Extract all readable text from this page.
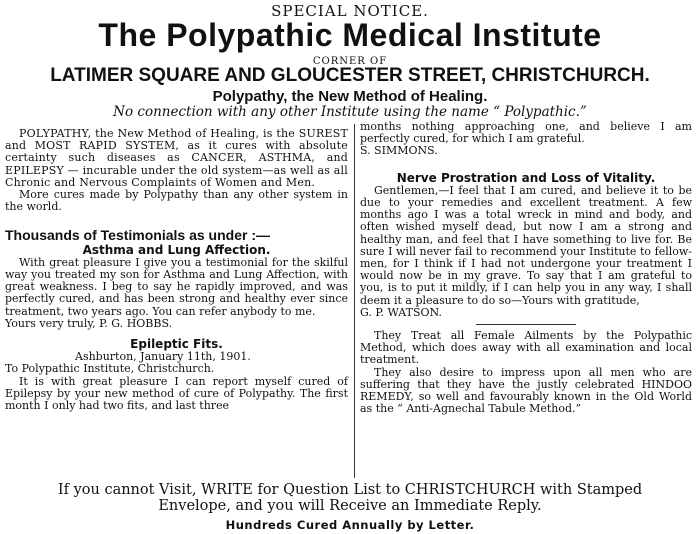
SPECIAL NOTICE.
The Polypathic Medical Institute
CORNER OF
LATIMER SQUARE AND GLOUCESTER STREET, CHRISTCHURCH.
Polypathy, the New Method of Healing.
No connection with any other Institute using the name “ Polypathic.”

POLYPATHY, the New Method of Healing, is the SUREST and MOST RAPID SYSTEM, as it cures with absolute certainty such diseases as CANCER, ASTHMA, and EPILEPSY — incurable under the old system—as well as all Chronic and Nervous Complaints of Women and Men.

More cures made by Polypathy than any other system in the world.

Thousands of Testimonials as under :—
Asthma and Lung Affection.

With great pleasure I give you a testimonial for the skilful way you treated my son for Asthma and Lung Affection, with great weakness. I beg to say he rapidly improved, and was perfectly cured, and has been strong and healthy ever since treatment, two years ago. You can refer anybody to me.

Yours very truly, P. G. HOBBS.

Epileptic Fits.

Ashburton, January 11th, 1901.

To Polypathic Institute, Christchurch.

It is with great pleasure I can report myself cured of Epilepsy by your new method of cure of Polypathy. The first month I only had two fits, and last three

months nothing approaching one, and believe I am perfectly cured, for which I am grateful.

S. SIMMONS.

Nerve Prostration and Loss of Vitality.

Gentlemen,—I feel that I am cured, and believe it to be due to your remedies and excellent treatment. A few months ago I was a total wreck in mind and body, and often wished myself dead, but now I am a strong and healthy man, and feel that I have something to live for. Be sure I will never fail to recommend your Institute to fellow-men, for I think if I had not undergone your treatment I would now be in my grave. To say that I am grateful to you, is to put it mildly, if I can help you in any way, I shall deem it a pleasure to do so—Yours with gratitude,

G. P. WATSON.

They Treat all Female Ailments by the Polypathic Method, which does away with all examination and local treatment.

They also desire to impress upon all men who are suffering that they have the justly celebrated HINDOO REMEDY, so well and favourably known in the Old World as the “ Anti-Agnechal Tabule Method.”

If you cannot Visit, WRITE for Question List to CHRISTCHURCH with Stamped
Envelope, and you will Receive an Immediate Reply.
Hundreds Cured Annually by Letter.
